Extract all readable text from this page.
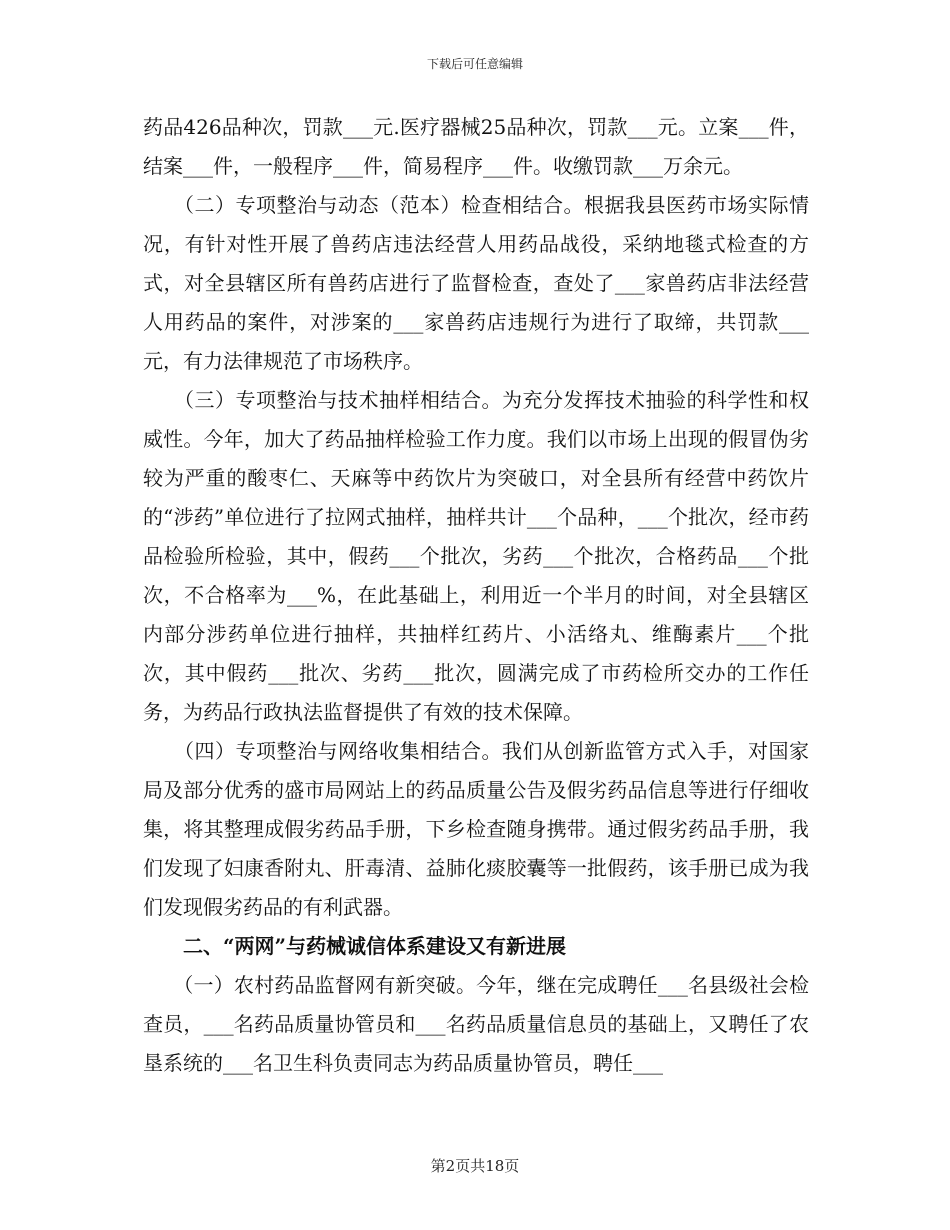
下载后可任意编辑

药品426品种次，罚款___元.医疗器械25品种次，罚款___元。立案___件，结案___件，一般程序___件，简易程序___件。收缴罚款___万余元。

　　（二）专项整治与动态（范本）检查相结合。根据我县医药市场实际情况，有针对性开展了兽药店违法经营人用药品战役，采纳地毯式检查的方式，对全县辖区所有兽药店进行了监督检查，查处了___家兽药店非法经营人用药品的案件，对涉案的___家兽药店违规行为进行了取缔，共罚款___元，有力法律规范了市场秩序。

　　（三）专项整治与技术抽样相结合。为充分发挥技术抽验的科学性和权威性。今年，加大了药品抽样检验工作力度。我们以市场上出现的假冒伪劣较为严重的酸枣仁、天麻等中药饮片为突破口，对全县所有经营中药饮片的“涉药”单位进行了拉网式抽样，抽样共计___个品种，___个批次，经市药品检验所检验，其中，假药___个批次，劣药___个批次，合格药品___个批次，不合格率为___%，在此基础上，利用近一个半月的时间，对全县辖区内部分涉药单位进行抽样，共抽样红药片、小活络丸、维酶素片___个批次，其中假药___批次、劣药___批次，圆满完成了市药检所交办的工作任务，为药品行政执法监督提供了有效的技术保障。

　　（四）专项整治与网络收集相结合。我们从创新监管方式入手，对国家局及部分优秀的盛市局网站上的药品质量公告及假劣药品信息等进行仔细收集，将其整理成假劣药品手册，下乡检查随身携带。通过假劣药品手册，我们发现了妇康香附丸、肝毒清、益肺化痰胶囊等一批假药，该手册已成为我们发现假劣药品的有利武器。

二、“两网”与药械诚信体系建设又有新进展

　　（一）农村药品监督网有新突破。今年，继在完成聘任___名县级社会检查员，___名药品质量协管员和___名药品质量信息员的基础上，又聘任了农垦系统的___名卫生科负责同志为药品质量协管员，聘任___

第2页共18页
